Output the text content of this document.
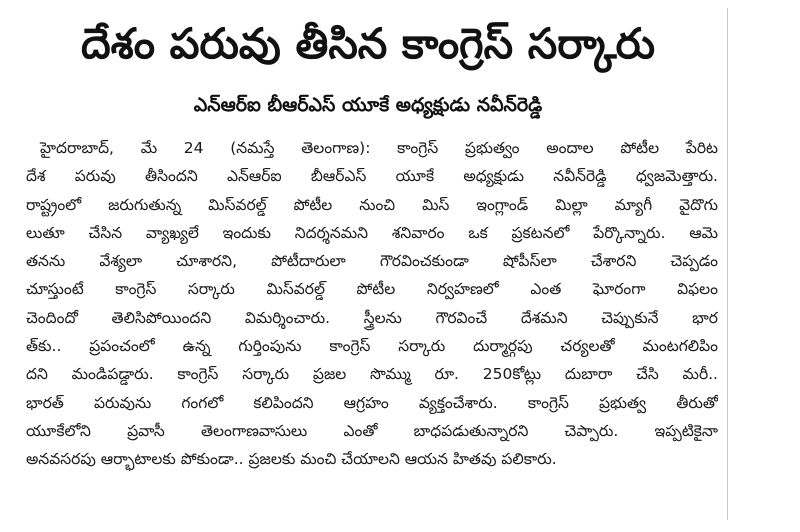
దేశం పరువు తీసిన కాంగ్రెస్ సర్కారు
ఎన్ఆర్ఐ బీఆర్ఎస్ యూకే అధ్యక్షుడు నవీన్‌రెడ్డి
హైదరాబాద్, మే 24 (నమస్తే తెలంగాణ): కాంగ్రెస్ ప్రభుత్వం అందాల పోటీల పేరిట
దేశ పరువు తీసిందని ఎన్ఆర్ఐ బీఆర్ఎస్ యూకే అధ్యక్షుడు నవీన్‌రెడ్డి ధ్వజమెత్తారు.
రాష్ట్రంలో జరుగుతున్న మిస్‌వరల్డ్ పోటీల నుంచి మిస్ ఇంగ్లాండ్ మిల్లా మ్యాగీ వైదొగు
లుతూ చేసిన వ్యాఖ్యలే ఇందుకు నిదర్శనమని శనివారం ఒక ప్రకటనలో పేర్కొన్నారు. ఆమె
తనను వేశ్యలా చూశారని, పోటీదారులా గౌరవించకుండా షోపీస్‌లా చేశారని చెప్పడం
చూస్తుంటే కాంగ్రెస్ సర్కారు మిస్‌వరల్డ్ పోటీల నిర్వహణలో ఎంత ఘోరంగా విఫలం
చెందిందో తెలిసిపోయిందని విమర్శించారు. స్త్రీలను గౌరవించే దేశమని చెప్పుకునే భార
త్‌కు.. ప్రపంచంలో ఉన్న గుర్తింపును కాంగ్రెస్ సర్కారు దుర్మార్గపు చర్యలతో మంటగలిపిం
దని మండిపడ్డారు. కాంగ్రెస్ సర్కారు ప్రజల సొమ్ము రూ. 250కోట్లు దుబారా చేసి మరీ..
భారత్ పరువును గంగలో కలిపిందని ఆగ్రహం వ్యక్తంచేశారు. కాంగ్రెస్ ప్రభుత్వ తీరుతో
యూకేలోని ప్రవాసీ తెలంగాణవాసులు ఎంతో బాధపడుతున్నారని చెప్పారు. ఇప్పటికైనా
అనవసరపు ఆర్భాటాలకు పోకుండా.. ప్రజలకు మంచి చేయాలని ఆయన హితవు పలికారు.
